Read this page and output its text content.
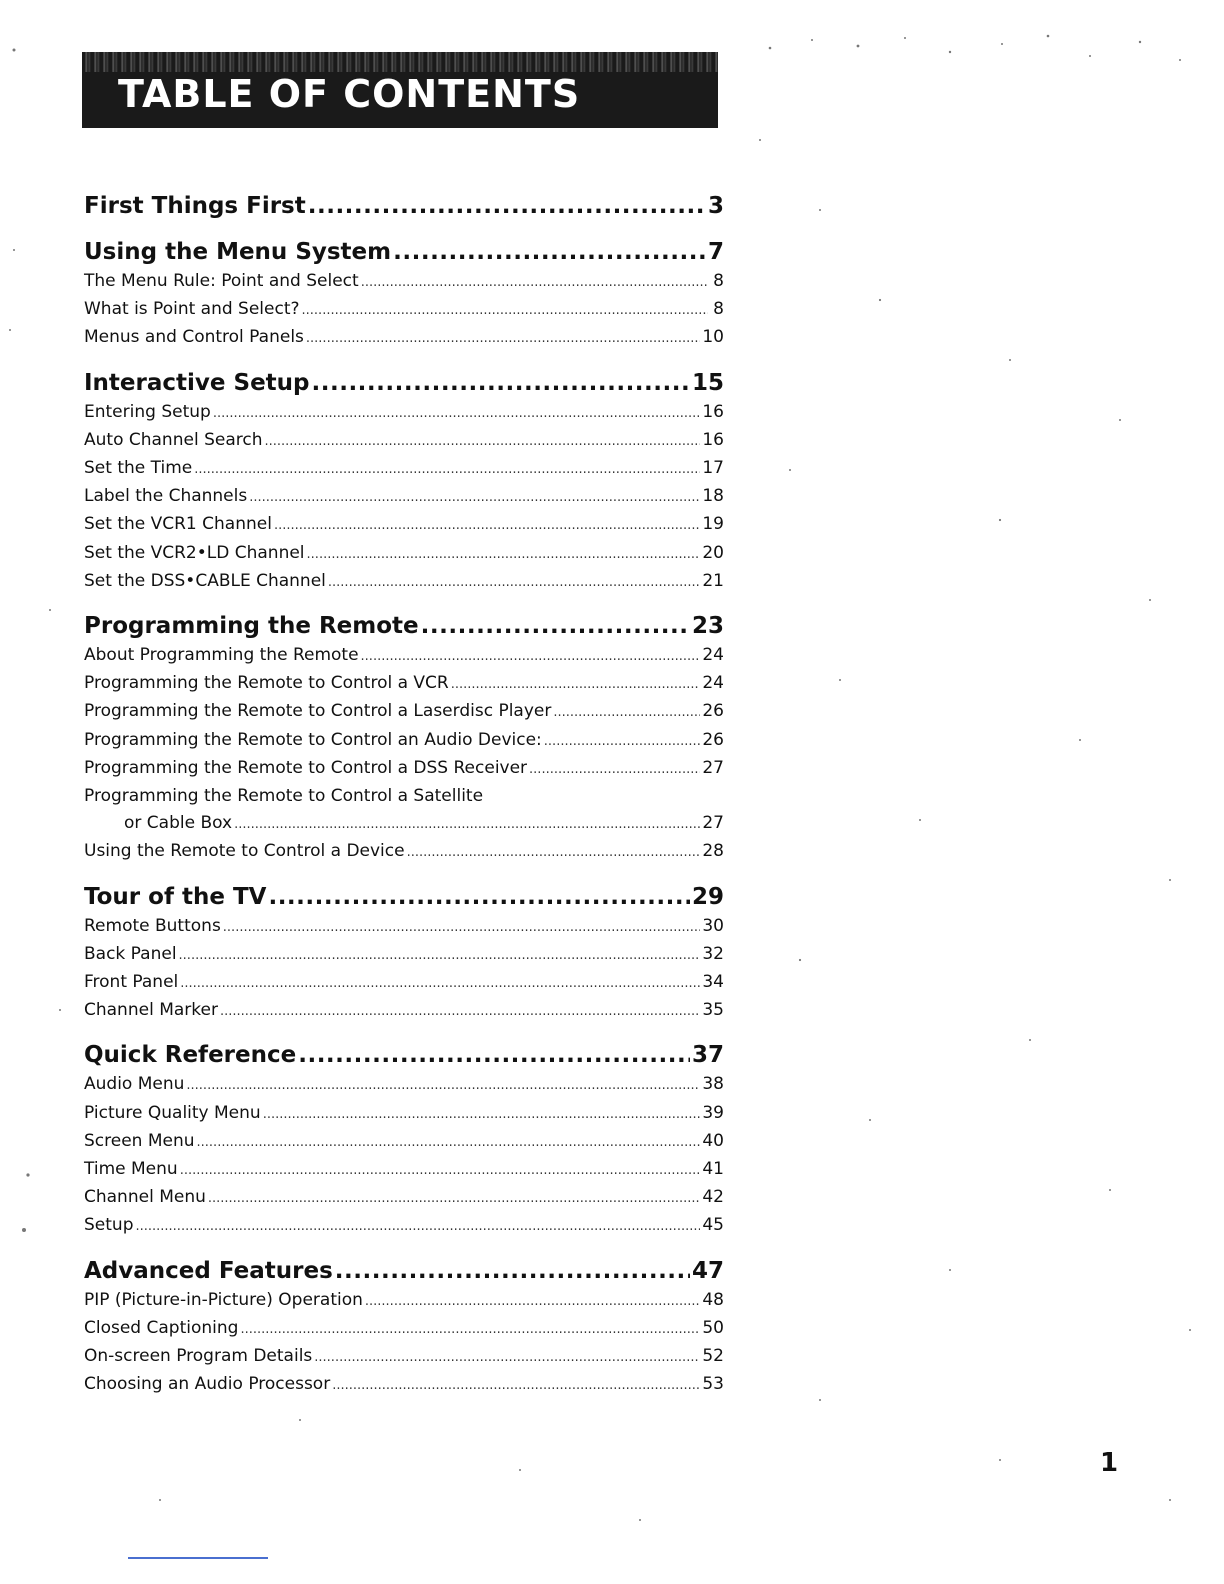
TABLE OF CONTENTS
First Things First .....	3
Using the Menu System .....	7
The Menu Rule: Point and Select .....	8
What is Point and Select? .....	8
Menus and Control Panels .....	10
Interactive Setup .....	15
Entering Setup .....	16
Auto Channel Search .....	16
Set the Time .....	17
Label the Channels .....	18
Set the VCR1 Channel .....	19
Set the VCR2•LD Channel .....	20
Set the DSS•CABLE Channel .....	21
Programming the Remote .....	23
About Programming the Remote .....	24
Programming the Remote to Control a VCR .....	24
Programming the Remote to Control a Laserdisc Player .....	26
Programming the Remote to Control an Audio Device: .....	26
Programming the Remote to Control a DSS Receiver .....	27
Programming the Remote to Control a Satellite
or Cable Box .....	27
Using the Remote to Control a Device .....	28
Tour of the TV .....	29
Remote Buttons .....	30
Back Panel .....	32
Front Panel .....	34
Channel Marker .....	35
Quick Reference .....	37
Audio Menu .....	38
Picture Quality Menu .....	39
Screen Menu .....	40
Time Menu .....	41
Channel Menu .....	42
Setup .....	45
Advanced Features .....	47
PIP (Picture-in-Picture) Operation .....	48
Closed Captioning .....	50
On-screen Program Details .....	52
Choosing an Audio Processor .....	53
1
